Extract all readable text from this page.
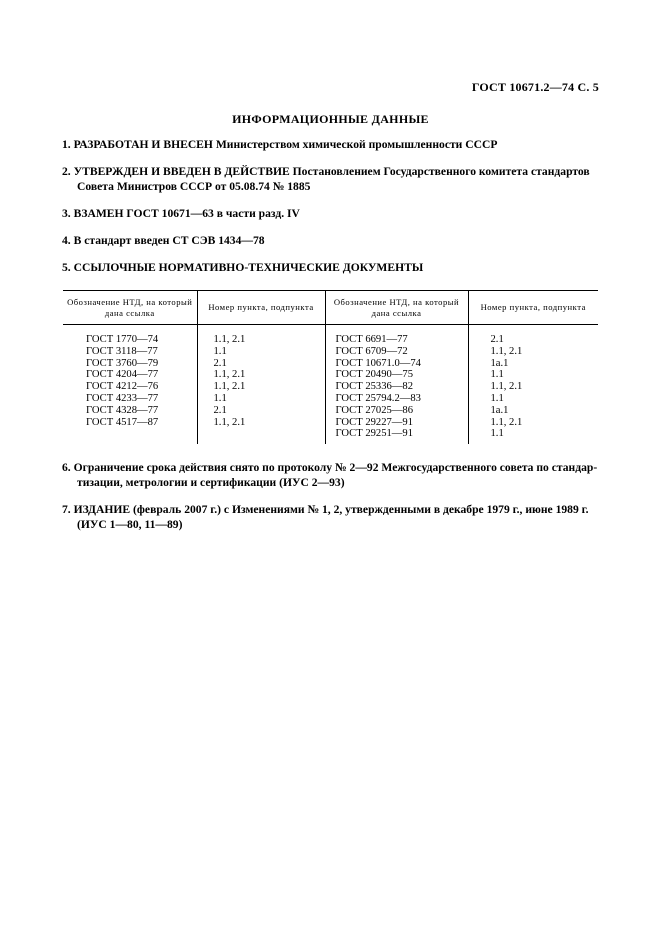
ГОСТ 10671.2—74 С. 5
ИНФОРМАЦИОННЫЕ ДАННЫЕ
1. РАЗРАБОТАН И ВНЕСЕН Министерством химической промышленности СССР
2. УТВЕРЖДЕН И ВВЕДЕН В ДЕЙСТВИЕ Постановлением Государственного комитета стандартов
Совета Министров СССР от 05.08.74 № 1885
3. ВЗАМЕН ГОСТ 10671—63 в части разд. IV
4. В стандарт введен СТ СЭВ 1434—78
5. ССЫЛОЧНЫЕ НОРМАТИВНО-ТЕХНИЧЕСКИЕ ДОКУМЕНТЫ
Обозначение НТД, на который дана ссылка	Номер пункта, подпункта	Обозначение НТД, на который дана ссылка	Номер пункта, подпункта
ГОСТ 1770—74	1.1, 2.1	ГОСТ 6691—77	2.1
ГОСТ 3118—77	1.1	ГОСТ 6709—72	1.1, 2.1
ГОСТ 3760—79	2.1	ГОСТ 10671.0—74	1а.1
ГОСТ 4204—77	1.1, 2.1	ГОСТ 20490—75	1.1
ГОСТ 4212—76	1.1, 2.1	ГОСТ 25336—82	1.1, 2.1
ГОСТ 4233—77	1.1	ГОСТ 25794.2—83	1.1
ГОСТ 4328—77	2.1	ГОСТ 27025—86	1а.1
ГОСТ 4517—87	1.1, 2.1	ГОСТ 29227—91	1.1, 2.1
		ГОСТ 29251—91	1.1
6. Ограничение срока действия снято по протоколу № 2—92 Межгосударственного совета по стандар-
тизации, метрологии и сертификации (ИУС 2—93)
7. ИЗДАНИЕ (февраль 2007 г.) с Изменениями № 1, 2, утвержденными в декабре 1979 г., июне 1989 г.
(ИУС 1—80, 11—89)
